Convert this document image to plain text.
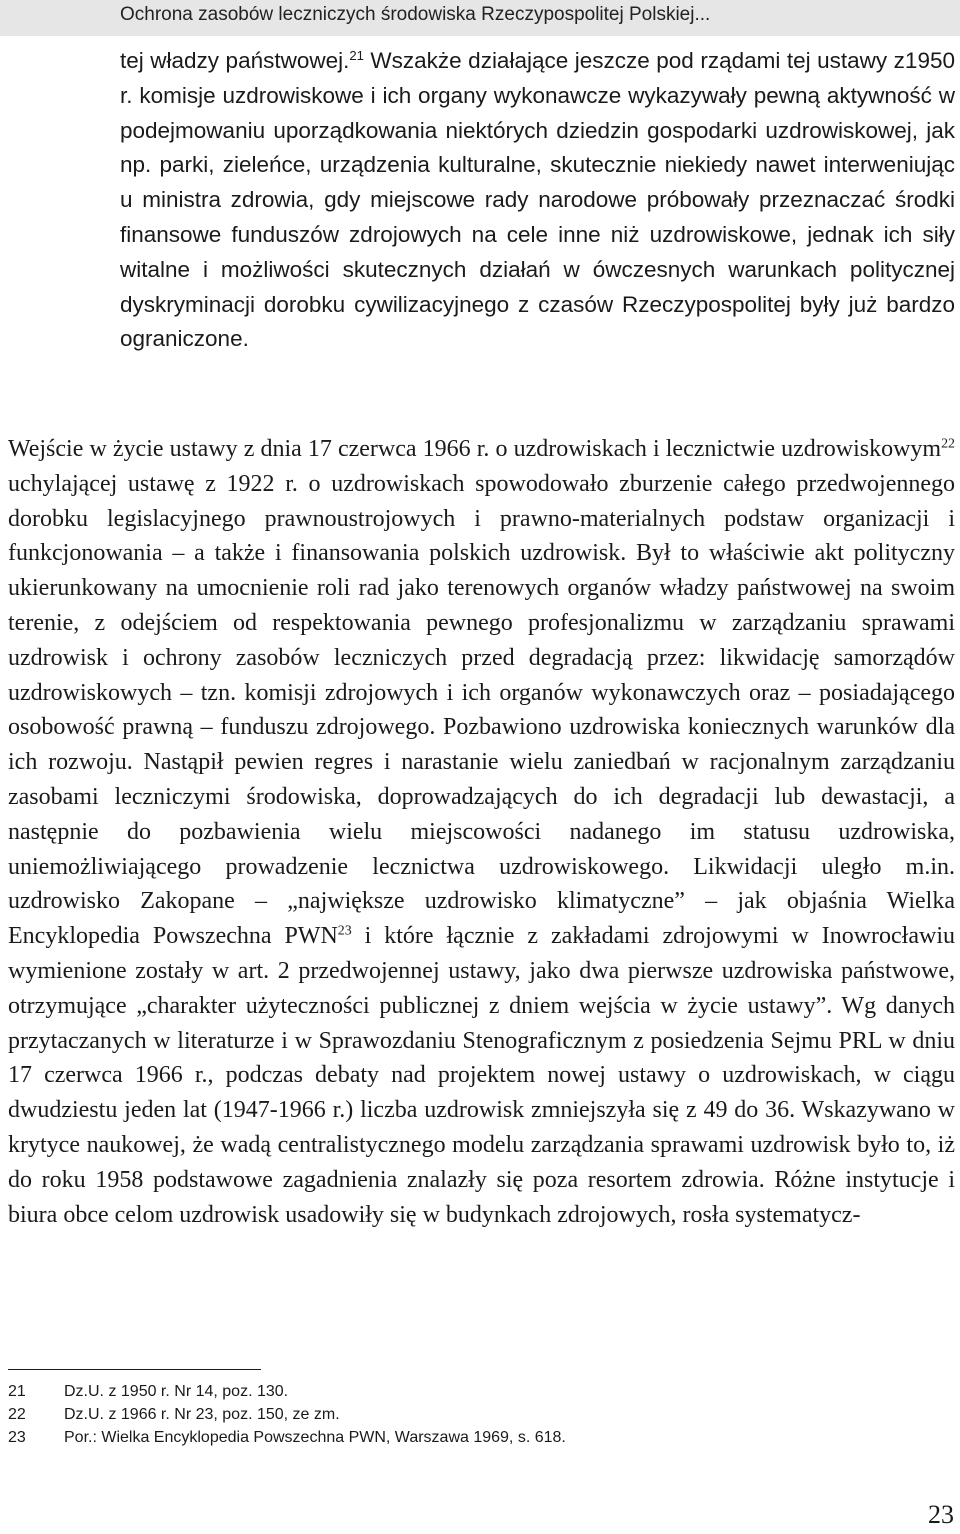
Ochrona zasobów leczniczych środowiska Rzeczypospolitej Polskiej...

tej władzy państwowej.$^{21}$ Wszakże działające jeszcze pod rządami tej ustawy z1950 r. komisje uzdrowiskowe i ich organy wykonawcze wykazywały pewną aktywność w podejmowaniu uporządkowania niektórych dziedzin gospodarki uzdrowiskowej, jak np. parki, zieleńce, urządzenia kulturalne, skutecznie niekiedy nawet interweniując u ministra zdrowia, gdy miejscowe rady narodowe próbowały przeznaczać środki finansowe funduszów zdrojowych na cele inne niż uzdrowiskowe, jednak ich siły witalne i możliwości skutecznych działań w ówczesnych warunkach politycznej dyskryminacji dorobku cywilizacyjnego z czasów Rzeczypospolitej były już bardzo ograniczone.

Wejście w życie ustawy z dnia 17 czerwca 1966 r. o uzdrowiskach i lecznictwie uzdrowiskowym$^{22}$ uchylającej ustawę z 1922 r. o uzdrowiskach spowodowało zburzenie całego przedwojennego dorobku legislacyjnego prawnoustrojowych i prawno-materialnych podstaw organizacji i funkcjonowania – a także i finansowania polskich uzdrowisk. Był to właściwie akt polityczny ukierunkowany na umocnienie roli rad jako terenowych organów władzy państwowej na swoim terenie, z odejściem od respektowania pewnego profesjonalizmu w zarządzaniu sprawami uzdrowisk i ochrony zasobów leczniczych przed degradacją przez: likwidację samorządów uzdrowiskowych – tzn. komisji zdrojowych i ich organów wykonawczych oraz – posiadającego osobowość prawną – funduszu zdrojowego. Pozbawiono uzdrowiska koniecznych warunków dla ich rozwoju. Nastąpił pewien regres i narastanie wielu zaniedbań w racjonalnym zarządzaniu zasobami leczniczymi środowiska, doprowadzających do ich degradacji lub dewastacji, a następnie do pozbawienia wielu miejscowości nadanego im statusu uzdrowiska, uniemożliwiającego prowadzenie lecznictwa uzdrowiskowego. Likwidacji uległo m.in. uzdrowisko Zakopane – „największe uzdrowisko klimatyczne” – jak objaśnia Wielka Encyklopedia Powszechna PWN$^{23}$ i które łącznie z zakładami zdrojowymi w Inowrocławiu wymienione zostały w art. 2 przedwojennej ustawy, jako dwa pierwsze uzdrowiska państwowe, otrzymujące „charakter użyteczności publicznej z dniem wejścia w życie ustawy”. Wg danych przytaczanych w literaturze i w Sprawozdaniu Stenograficznym z posiedzenia Sejmu PRL w dniu 17 czerwca 1966 r., podczas debaty nad projektem nowej ustawy o uzdrowiskach, w ciągu dwudziestu jeden lat (1947-1966 r.) liczba uzdrowisk zmniejszyła się z 49 do 36. Wskazywano w krytyce naukowej, że wadą centralistycznego modelu zarządzania sprawami uzdrowisk było to, iż do roku 1958 podstawowe zagadnienia znalazły się poza resortem zdrowia. Różne instytucje i biura obce celom uzdrowisk usadowiły się w budynkach zdrojowych, rosła systematycz-

21	Dz.U. z 1950 r. Nr 14, poz. 130.
22	Dz.U. z 1966 r. Nr 23, poz. 150, ze zm.
23	Por.: Wielka Encyklopedia Powszechna PWN, Warszawa 1969, s. 618.
23
